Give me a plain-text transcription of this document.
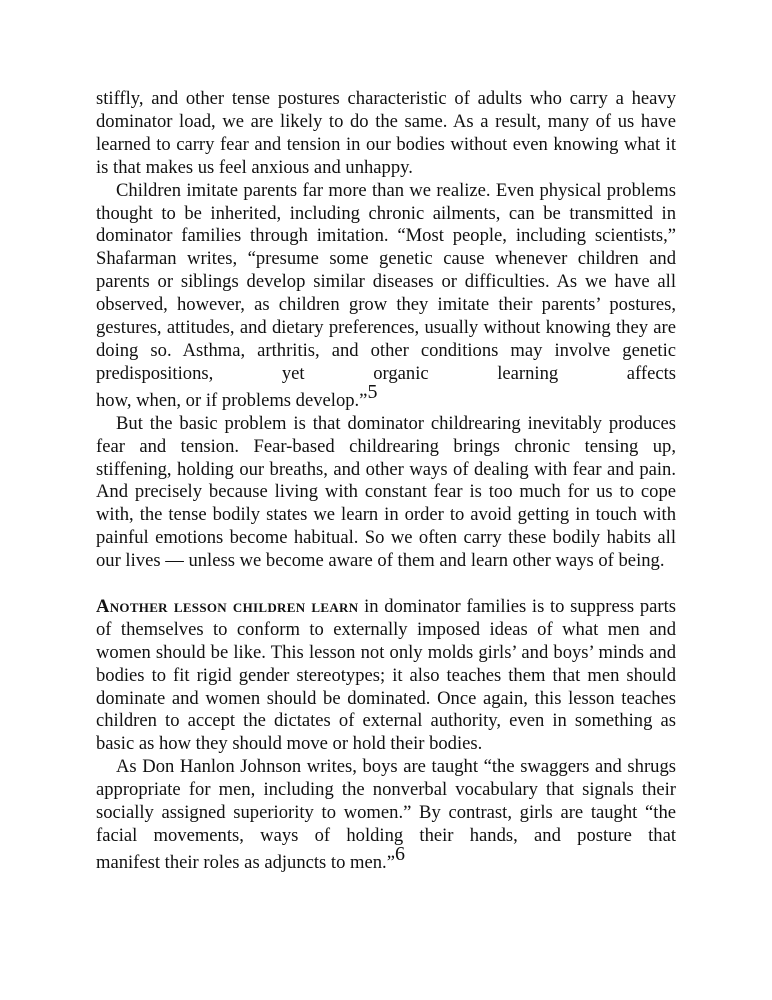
stiffly, and other tense postures characteristic of adults who carry a heavy dominator load, we are likely to do the same. As a result, many of us have learned to carry fear and tension in our bodies without even knowing what it is that makes us feel anxious and unhappy.

Children imitate parents far more than we realize. Even physical problems thought to be inherited, including chronic ailments, can be transmitted in dominator families through imitation. “Most people, including scientists,” Shafarman writes, “presume some genetic cause whenever children and parents or siblings develop similar diseases or difficulties. As we have all observed, however, as children grow they imitate their parents’ postures, gestures, attitudes, and dietary preferences, usually without knowing they are doing so. Asthma, arthritis, and other conditions may involve genetic predispositions, yet organic learning affects

how, when, or if problems develop.”5

But the basic problem is that dominator childrearing inevitably produces fear and tension. Fear-based childrearing brings chronic tensing up, stiffening, holding our breaths, and other ways of dealing with fear and pain. And precisely because living with constant fear is too much for us to cope with, the tense bodily states we learn in order to avoid getting in touch with painful emotions become habitual. So we often carry these bodily habits all our lives — unless we become aware of them and learn other ways of being.

Another lesson children learn in dominator families is to suppress parts of themselves to conform to externally imposed ideas of what men and women should be like. This lesson not only molds girls’ and boys’ minds and bodies to fit rigid gender stereotypes; it also teaches them that men should dominate and women should be dominated. Once again, this lesson teaches children to accept the dictates of external authority, even in something as basic as how they should move or hold their bodies.

As Don Hanlon Johnson writes, boys are taught “the swaggers and shrugs appropriate for men, including the nonverbal vocabulary that signals their socially assigned superiority to women.” By contrast, girls are taught “the facial movements, ways of holding their hands, and posture that

manifest their roles as adjuncts to men.”6
